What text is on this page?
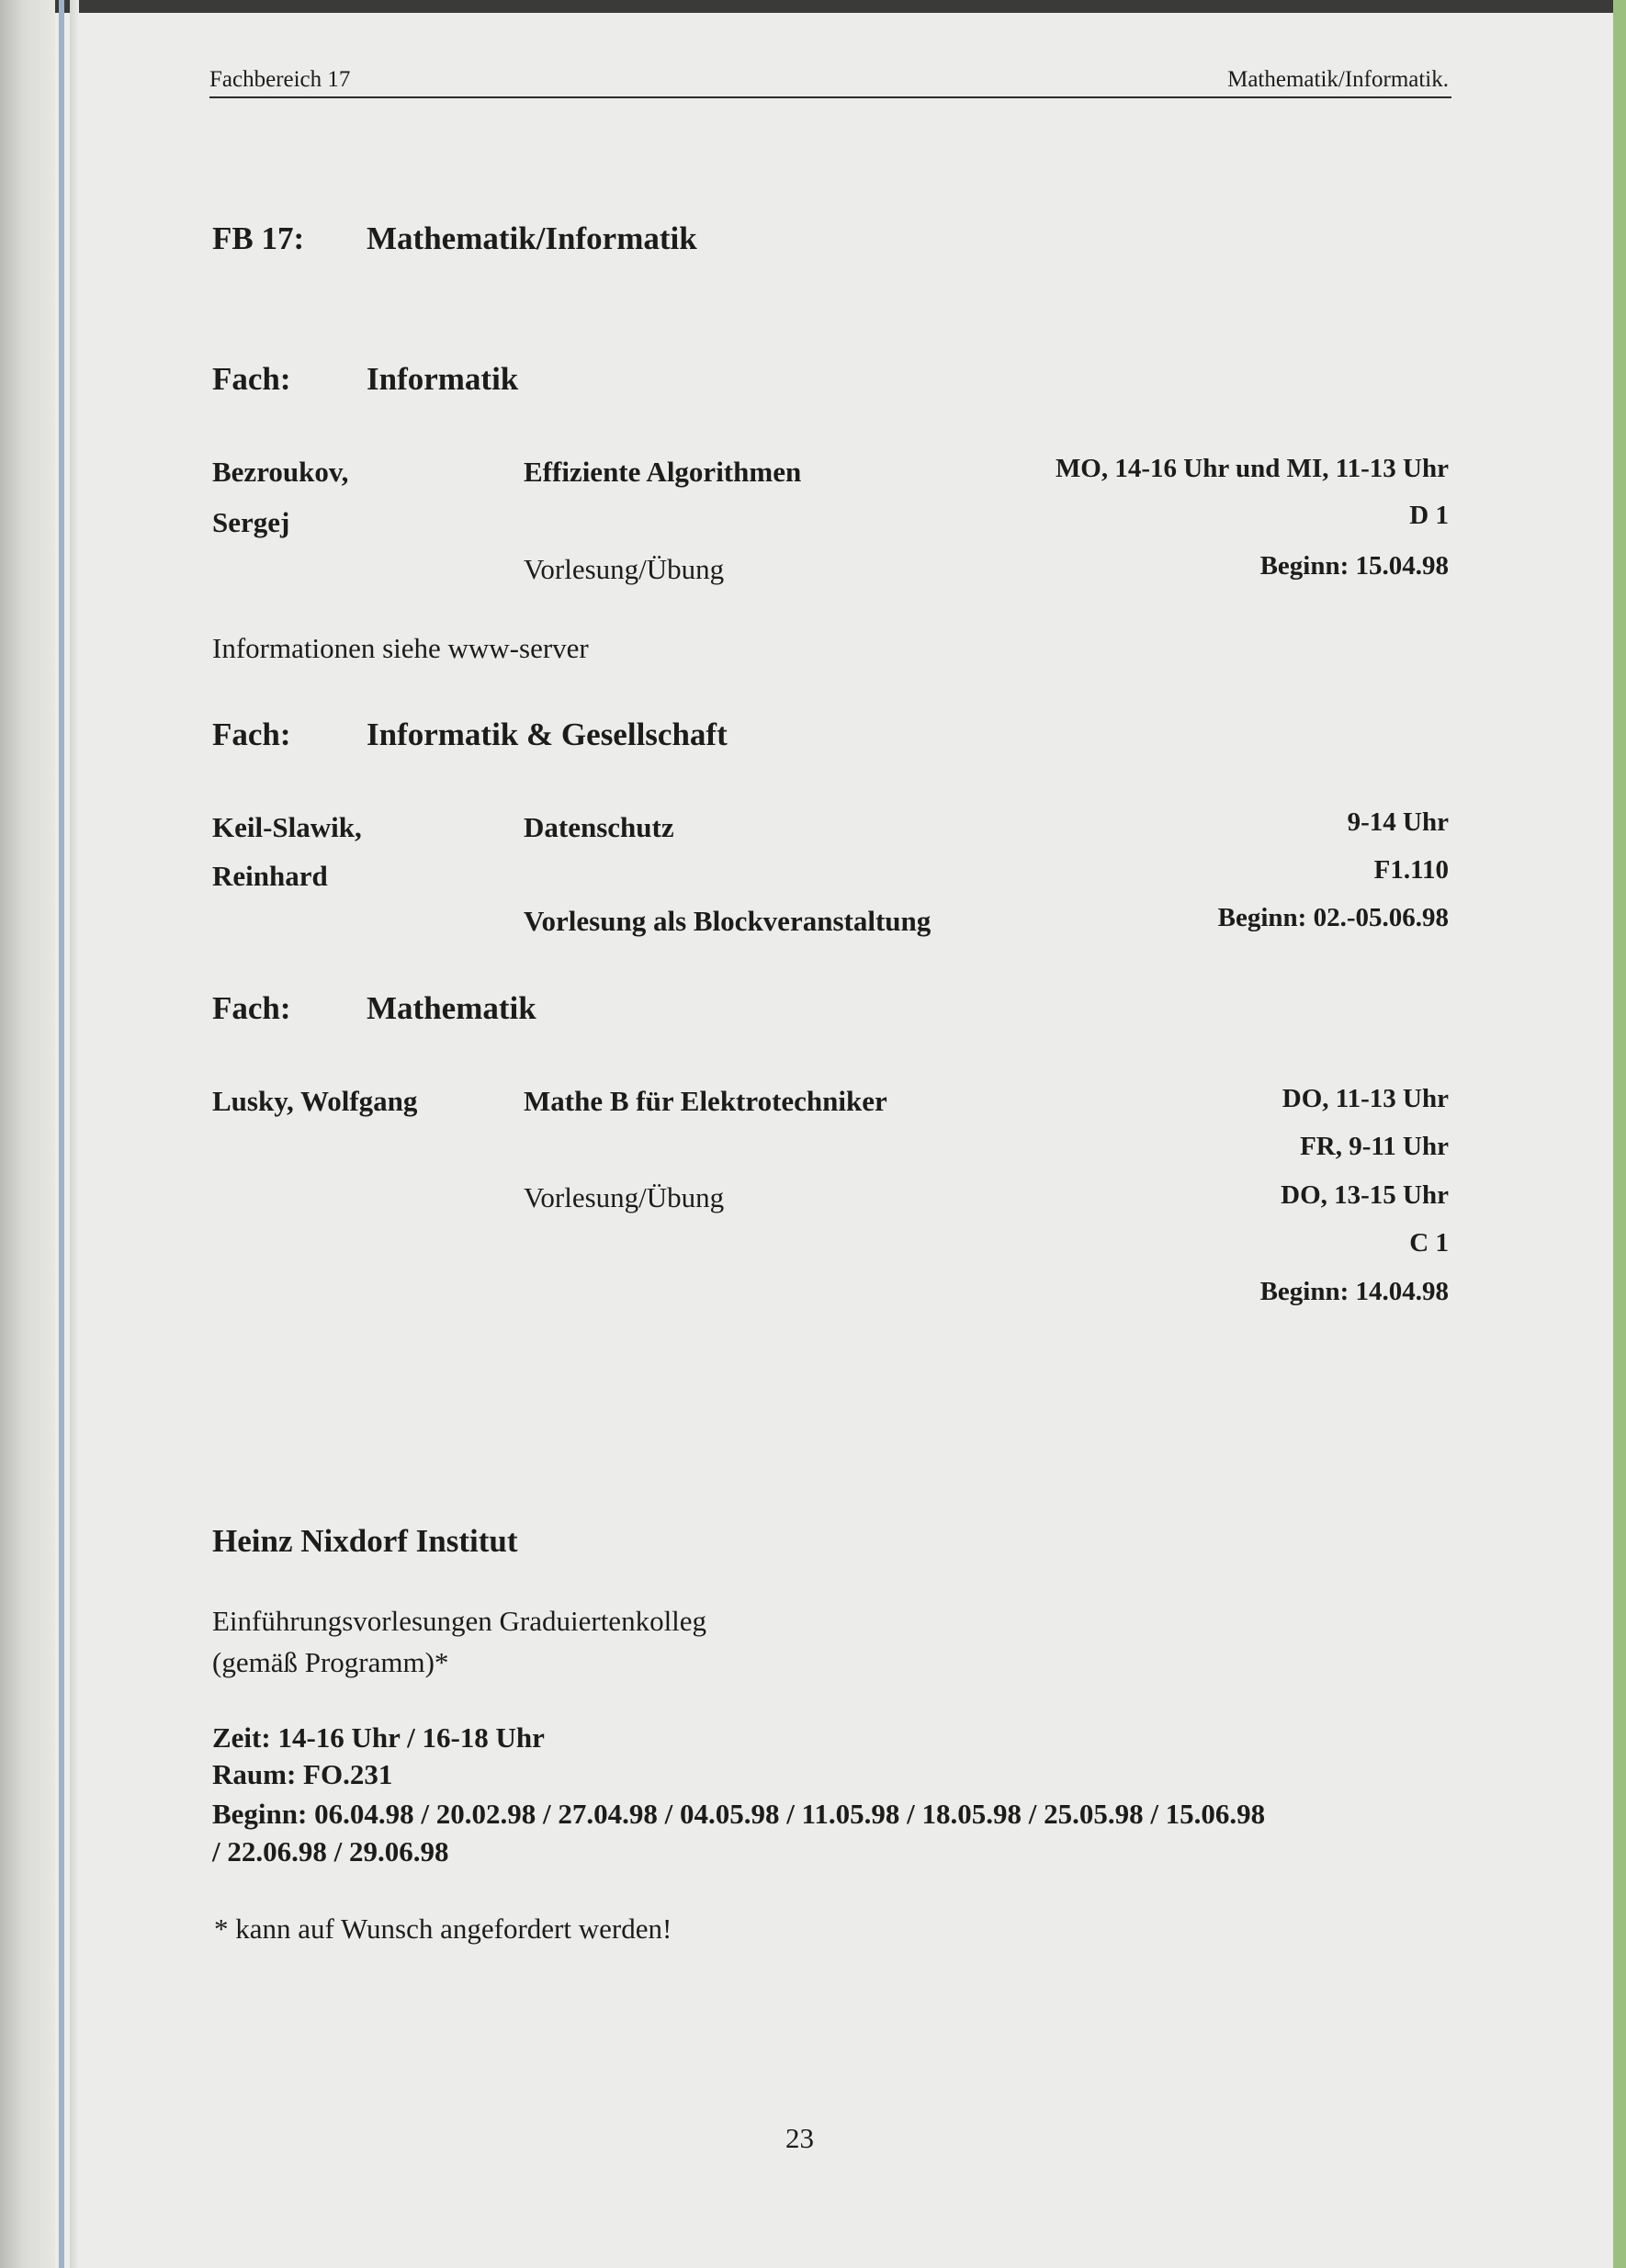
Fachbereich 17	Mathematik/Informatik.
FB 17: Mathematik/Informatik
Fach: Informatik
Bezroukov,
Sergej
Effiziente Algorithmen
Vorlesung/Übung
MO, 14-16 Uhr und MI, 11-13 Uhr
D 1
Beginn: 15.04.98
Informationen siehe www-server
Fach: Informatik & Gesellschaft
Keil-Slawik,
Reinhard
Datenschutz
Vorlesung als Blockveranstaltung
9-14 Uhr
F1.110
Beginn: 02.-05.06.98
Fach: Mathematik
Lusky, Wolfgang	Mathe B für Elektrotechniker
Vorlesung/Übung
DO, 11-13 Uhr
FR, 9-11 Uhr
DO, 13-15 Uhr
C 1
Beginn: 14.04.98
Heinz Nixdorf Institut
Einführungsvorlesungen Graduiertenkolleg
(gemäß Programm)*
Zeit: 14-16 Uhr / 16-18 Uhr
Raum: FO.231
Beginn: 06.04.98 / 20.02.98 / 27.04.98 / 04.05.98 / 11.05.98 / 18.05.98 / 25.05.98 / 15.06.98
/ 22.06.98 / 29.06.98
* kann auf Wunsch angefordert werden!
23
